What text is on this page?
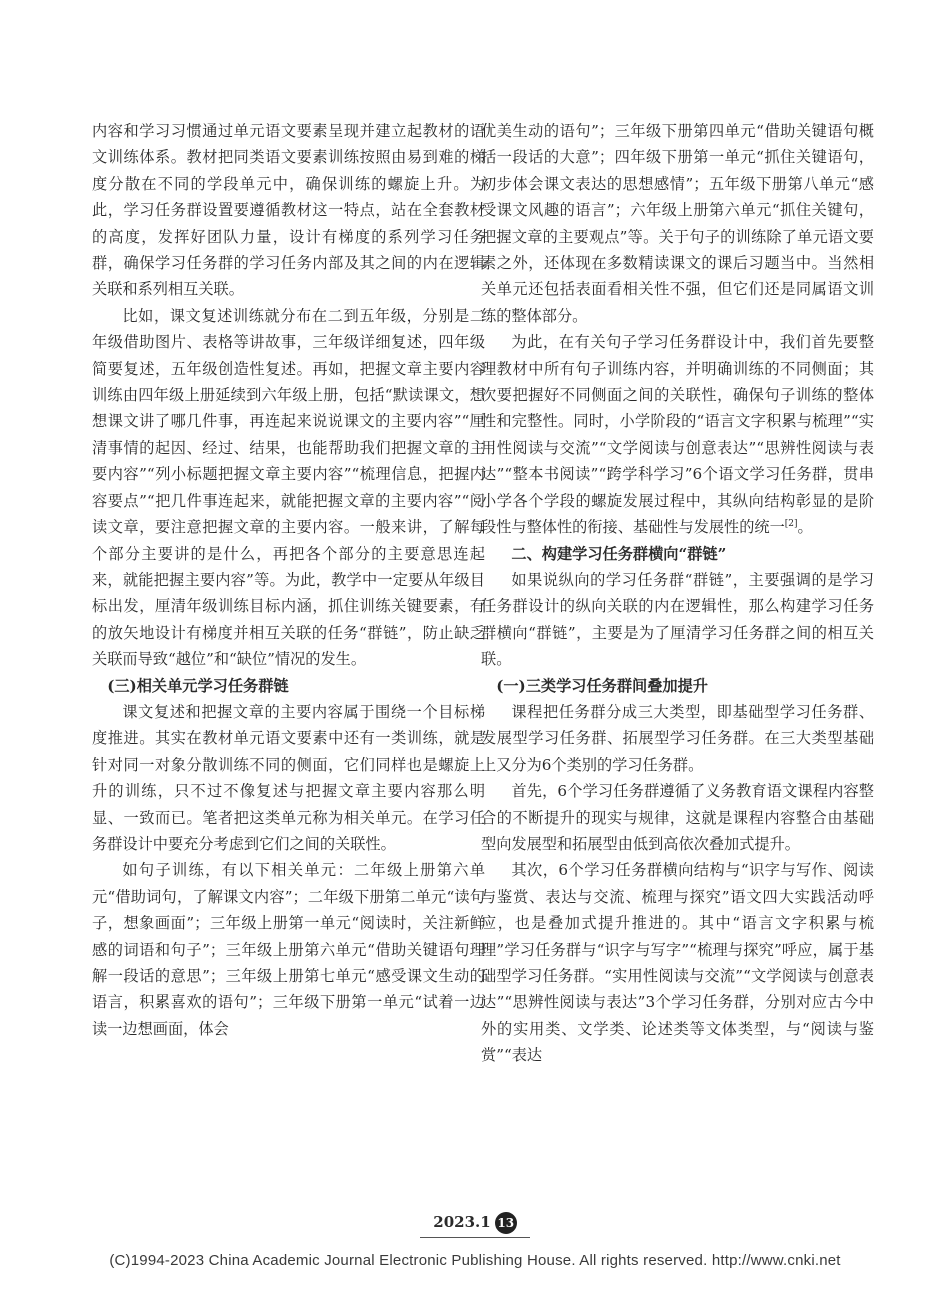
内容和学习习惯通过单元语文要素呈现并建立起教材的语文训练体系。教材把同类语文要素训练按照由易到难的梯度分散在不同的学段单元中，确保训练的螺旋上升。为此，学习任务群设置要遵循教材这一特点，站在全套教材的高度，发挥好团队力量，设计有梯度的系列学习任务群，确保学习任务群的学习任务内部及其之间的内在逻辑关联和系列相互关联。

比如，课文复述训练就分布在二到五年级，分别是二年级借助图片、表格等讲故事，三年级详细复述，四年级简要复述，五年级创造性复述。再如，把握文章主要内容训练由四年级上册延续到六年级上册，包括“默读课文，想想课文讲了哪几件事，再连起来说说课文的主要内容”“厘清事情的起因、经过、结果，也能帮助我们把握文章的主要内容”“列小标题把握文章主要内容”“梳理信息，把握内容要点”“把几件事连起来，就能把握文章的主要内容”“阅读文章，要注意把握文章的主要内容。一般来讲，了解每个部分主要讲的是什么，再把各个部分的主要意思连起来，就能把握主要内容”等。为此，教学中一定要从年级目标出发，厘清年级训练目标内涵，抓住训练关键要素，有的放矢地设计有梯度并相互关联的任务“群链”，防止缺乏关联而导致“越位”和“缺位”情况的发生。

(三)相关单元学习任务群链

课文复述和把握文章的主要内容属于围绕一个目标梯度推进。其实在教材单元语文要素中还有一类训练，就是针对同一对象分散训练不同的侧面，它们同样也是螺旋上升的训练，只不过不像复述与把握文章主要内容那么明显、一致而已。笔者把这类单元称为相关单元。在学习任务群设计中要充分考虑到它们之间的关联性。

如句子训练，有以下相关单元：二年级上册第六单元“借助词句，了解课文内容”；二年级下册第二单元“读句子，想象画面”；三年级上册第一单元“阅读时，关注新鲜感的词语和句子”；三年级上册第六单元“借助关键语句理解一段话的意思”；三年级上册第七单元“感受课文生动的语言，积累喜欢的语句”；三年级下册第一单元“试着一边读一边想画面，体会

优美生动的语句”；三年级下册第四单元“借助关键语句概括一段话的大意”；四年级下册第一单元“抓住关键语句，初步体会课文表达的思想感情”；五年级下册第八单元“感受课文风趣的语言”；六年级上册第六单元“抓住关键句，把握文章的主要观点”等。关于句子的训练除了单元语文要素之外，还体现在多数精读课文的课后习题当中。当然相关单元还包括表面看相关性不强，但它们还是同属语文训练的整体部分。

为此，在有关句子学习任务群设计中，我们首先要整理教材中所有句子训练内容，并明确训练的不同侧面；其次要把握好不同侧面之间的关联性，确保句子训练的整体性和完整性。同时，小学阶段的“语言文字积累与梳理”“实用性阅读与交流”“文学阅读与创意表达”“思辨性阅读与表达”“整本书阅读”“跨学科学习”6个语文学习任务群，贯串小学各个学段的螺旋发展过程中，其纵向结构彰显的是阶段性与整体性的衔接、基础性与发展性的统一[2]。

二、构建学习任务群横向“群链”

如果说纵向的学习任务群“群链”，主要强调的是学习任务群设计的纵向关联的内在逻辑性，那么构建学习任务群横向“群链”，主要是为了厘清学习任务群之间的相互关联。

(一)三类学习任务群间叠加提升

课程把任务群分成三大类型，即基础型学习任务群、发展型学习任务群、拓展型学习任务群。在三大类型基础上又分为6个类别的学习任务群。

首先，6个学习任务群遵循了义务教育语文课程内容整合的不断提升的现实与规律，这就是课程内容整合由基础型向发展型和拓展型由低到高依次叠加式提升。

其次，6个学习任务群横向结构与“识字与写作、阅读与鉴赏、表达与交流、梳理与探究”语文四大实践活动呼应，也是叠加式提升推进的。其中“语言文字积累与梳理”学习任务群与“识字与写字”“梳理与探究”呼应，属于基础型学习任务群。“实用性阅读与交流”“文学阅读与创意表达”“思辨性阅读与表达”3个学习任务群，分别对应古今中外的实用类、文学类、论述类等文体类型，与“阅读与鉴赏”“表达

2023.1 13
(C)1994-2023 China Academic Journal Electronic Publishing House. All rights reserved. http://www.cnki.net
